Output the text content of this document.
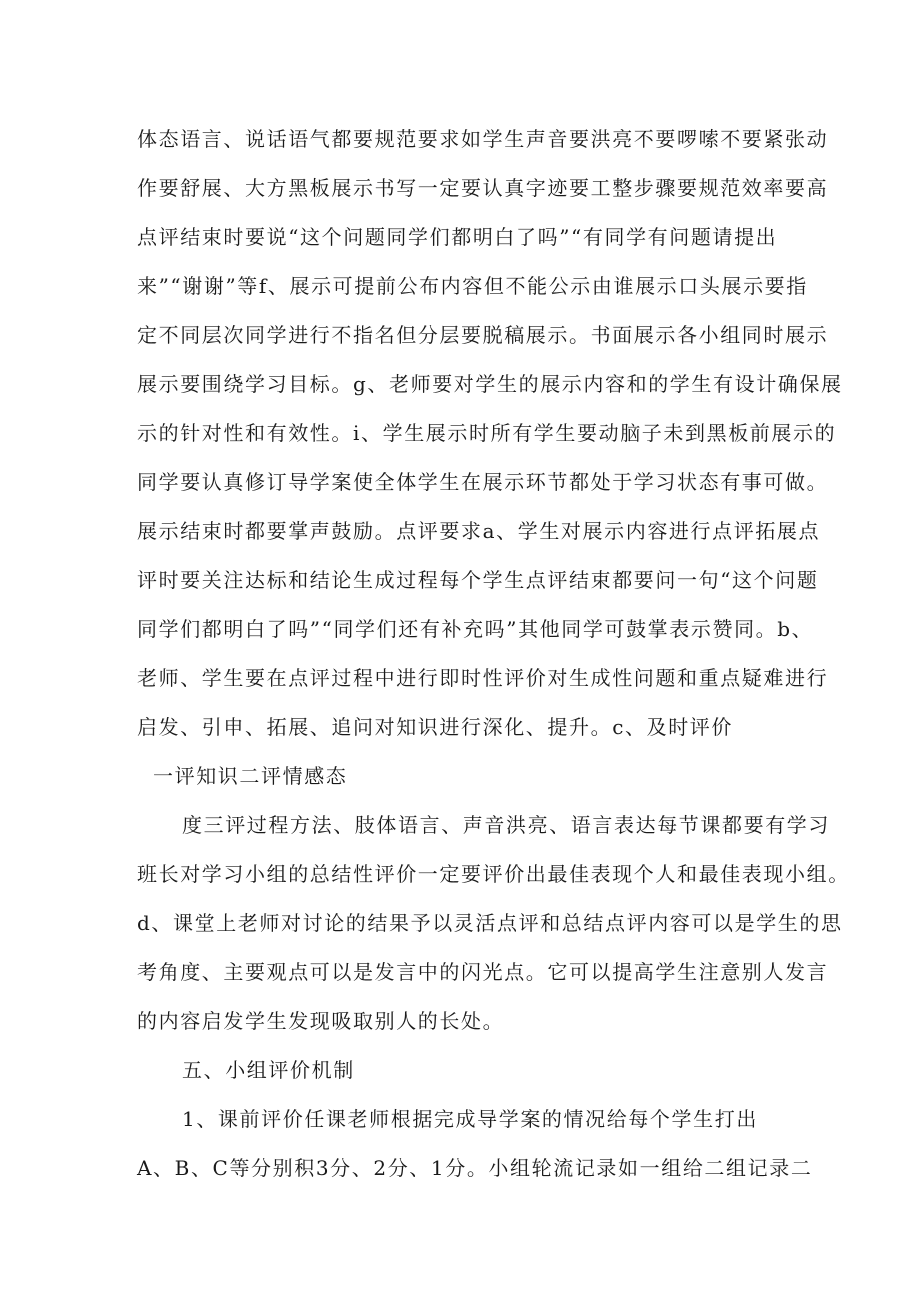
体态语言、说话语气都要规范要求如学生声音要洪亮不要啰嗦不要紧张动
作要舒展、大方黑板展示书写一定要认真字迹要工整步骤要规范效率要高
点评结束时要说“这个问题同学们都明白了吗”“有同学有问题请提出
来”“谢谢”等f、展示可提前公布内容但不能公示由谁展示口头展示要指
定不同层次同学进行不指名但分层要脱稿展示。书面展示各小组同时展示
展示要围绕学习目标。g、老师要对学生的展示内容和的学生有设计确保展
示的针对性和有效性。i、学生展示时所有学生要动脑子未到黑板前展示的
同学要认真修订导学案使全体学生在展示环节都处于学习状态有事可做。
展示结束时都要掌声鼓励。点评要求a、学生对展示内容进行点评拓展点
评时要关注达标和结论生成过程每个学生点评结束都要问一句“这个问题
同学们都明白了吗”“同学们还有补充吗”其他同学可鼓掌表示赞同。b、
老师、学生要在点评过程中进行即时性评价对生成性问题和重点疑难进行
启发、引申、拓展、追问对知识进行深化、提升。c、及时评价
一评知识二评情感态
度三评过程方法、肢体语言、声音洪亮、语言表达每节课都要有学习
班长对学习小组的总结性评价一定要评价出最佳表现个人和最佳表现小组。
d、课堂上老师对讨论的结果予以灵活点评和总结点评内容可以是学生的思
考角度、主要观点可以是发言中的闪光点。它可以提高学生注意别人发言
的内容启发学生发现吸取别人的长处。
五、小组评价机制
1、课前评价任课老师根据完成导学案的情况给每个学生打出
A、B、C等分别积3分、2分、1分。小组轮流记录如一组给二组记录二
